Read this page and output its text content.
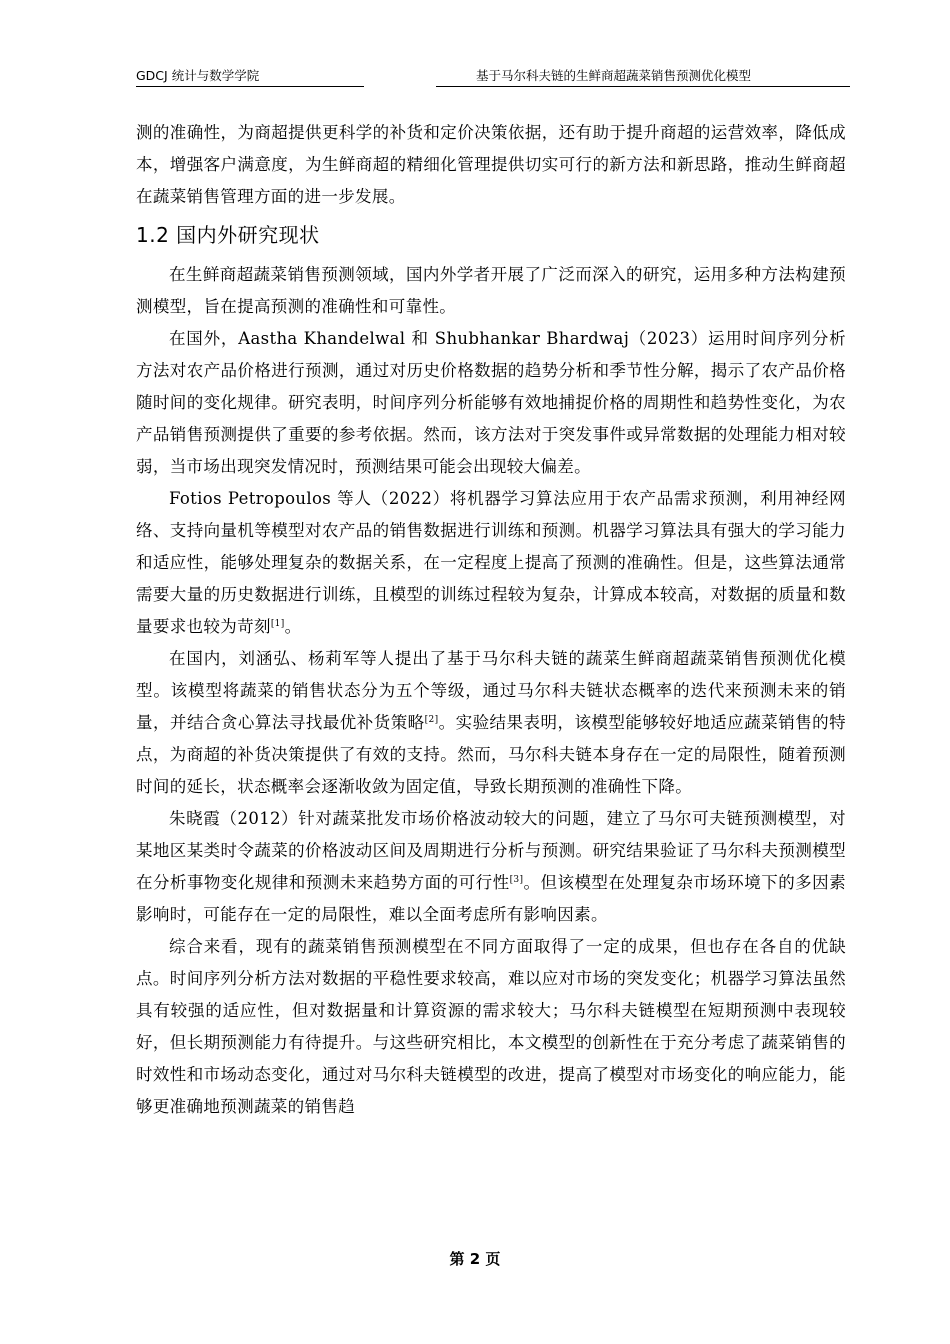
GDCJ 统计与数学学院	基于马尔科夫链的生鲜商超蔬菜销售预测优化模型

测的准确性，为商超提供更科学的补货和定价决策依据，还有助于提升商超的运营效率，降低成本，增强客户满意度，为生鲜商超的精细化管理提供切实可行的新方法和新思路，推动生鲜商超在蔬菜销售管理方面的进一步发展。

1.2 国内外研究现状

在生鲜商超蔬菜销售预测领域，国内外学者开展了广泛而深入的研究，运用多种方法构建预测模型，旨在提高预测的准确性和可靠性。

在国外，Aastha Khandelwal 和 Shubhankar Bhardwaj（2023）运用时间序列分析方法对农产品价格进行预测，通过对历史价格数据的趋势分析和季节性分解，揭示了农产品价格随时间的变化规律。研究表明，时间序列分析能够有效地捕捉价格的周期性和趋势性变化，为农产品销售预测提供了重要的参考依据。然而，该方法对于突发事件或异常数据的处理能力相对较弱，当市场出现突发情况时，预测结果可能会出现较大偏差。

Fotios Petropoulos 等人（2022）将机器学习算法应用于农产品需求预测，利用神经网络、支持向量机等模型对农产品的销售数据进行训练和预测。机器学习算法具有强大的学习能力和适应性，能够处理复杂的数据关系，在一定程度上提高了预测的准确性。但是，这些算法通常需要大量的历史数据进行训练，且模型的训练过程较为复杂，计算成本较高，对数据的质量和数量要求也较为苛刻[1]。

在国内，刘涵弘、杨莉军等人提出了基于马尔科夫链的蔬菜生鲜商超蔬菜销售预测优化模型。该模型将蔬菜的销售状态分为五个等级，通过马尔科夫链状态概率的迭代来预测未来的销量，并结合贪心算法寻找最优补货策略[2]。实验结果表明，该模型能够较好地适应蔬菜销售的特点，为商超的补货决策提供了有效的支持。然而，马尔科夫链本身存在一定的局限性，随着预测时间的延长，状态概率会逐渐收敛为固定值，导致长期预测的准确性下降。

朱晓霞（2012）针对蔬菜批发市场价格波动较大的问题，建立了马尔可夫链预测模型，对某地区某类时令蔬菜的价格波动区间及周期进行分析与预测。研究结果验证了马尔科夫预测模型在分析事物变化规律和预测未来趋势方面的可行性[3]。但该模型在处理复杂市场环境下的多因素影响时，可能存在一定的局限性，难以全面考虑所有影响因素。

综合来看，现有的蔬菜销售预测模型在不同方面取得了一定的成果，但也存在各自的优缺点。时间序列分析方法对数据的平稳性要求较高，难以应对市场的突发变化；机器学习算法虽然具有较强的适应性，但对数据量和计算资源的需求较大；马尔科夫链模型在短期预测中表现较好，但长期预测能力有待提升。与这些研究相比，本文模型的创新性在于充分考虑了蔬菜销售的时效性和市场动态变化，通过对马尔科夫链模型的改进，提高了模型对市场变化的响应能力，能够更准确地预测蔬菜的销售趋

第 2 页
